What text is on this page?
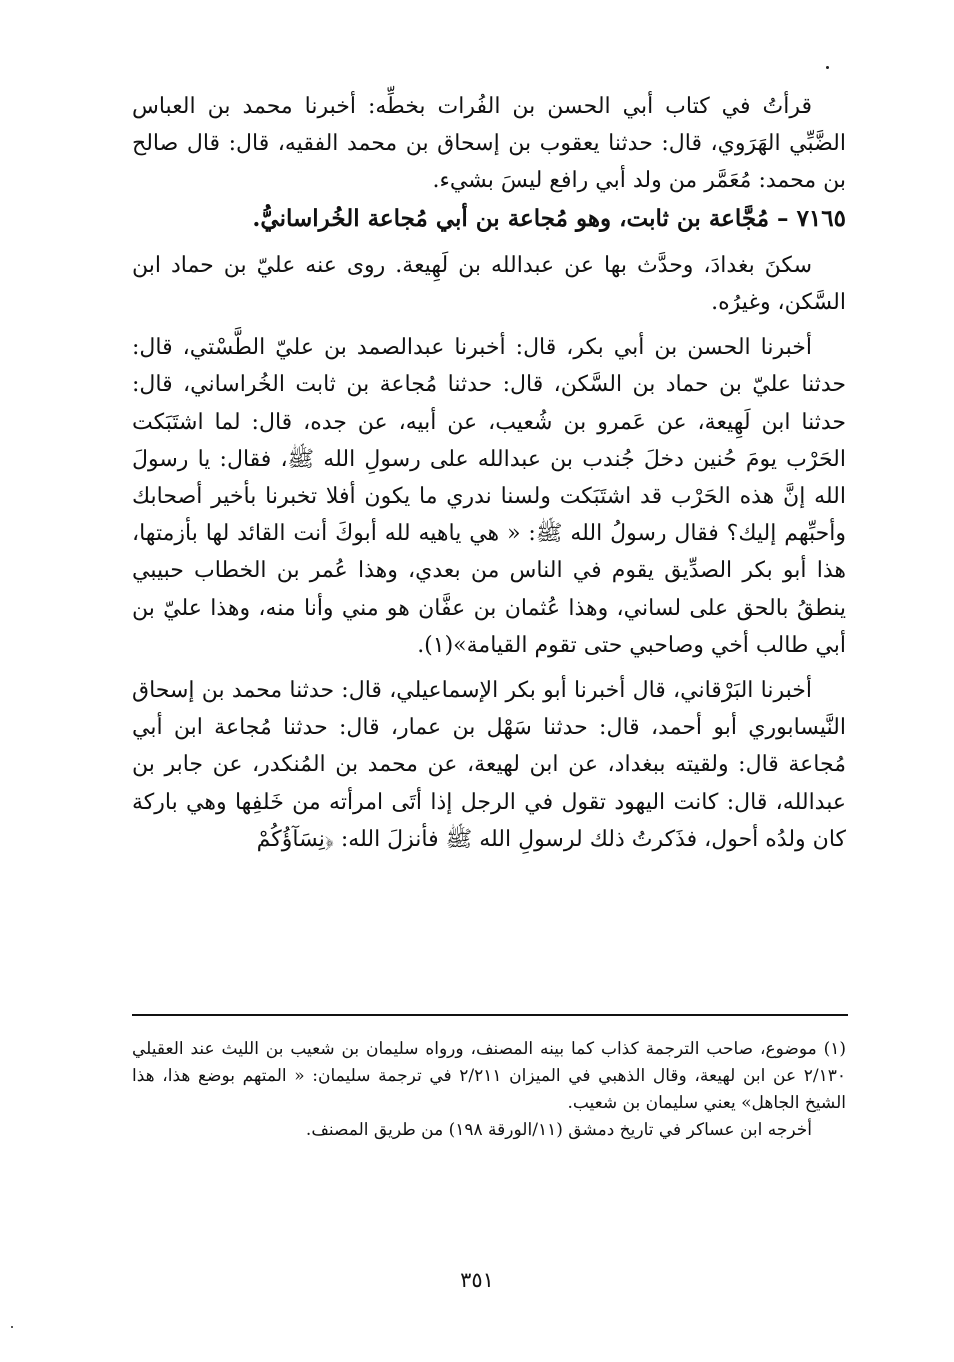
قرأتُ في كتاب أبي الحسن بن الفُرات بخطِّه: أخبرنا محمد بن العباس الضَّبِّي الهَرَوي، قال: حدثنا يعقوب بن إسحاق بن محمد الفقيه، قال: قال صالح بن محمد: مُعَمَّر من ولد أبي رافع ليسَ بشيء.

٧١٦٥ – مُجَّاعة بن ثابت، وهو مُجاعة بن أبي مُجاعة الخُراسانيُّ.

سكنَ بغدادَ، وحدَّث بها عن عبدالله بن لَهِيعة. روى عنه عليّ بن حماد ابن السَّكن، وغيرُه.

أخبرنا الحسن بن أبي بكر، قال: أخبرنا عبدالصمد بن عليّ الطَّسْتي، قال: حدثنا عليّ بن حماد بن السَّكن، قال: حدثنا مُجاعة بن ثابت الخُراساني، قال: حدثنا ابن لَهِيعة، عن عَمرو بن شُعيب، عن أبيه، عن جده، قال: لما اشتَبَكت الحَرْب يومَ حُنين دخلَ جُندب بن عبدالله على رسولِ الله ﷺ، فقال: يا رسولَ الله إنَّ هذه الحَرْب قد اشتَبَكت ولسنا ندري ما يكون أفلا تخبرنا بأخير أصحابك وأحبِّهم إليك؟ فقال رسولُ الله ﷺ: « هي ياهيه لله أبوكَ أنت القائد لها بأزمتها، هذا أبو بكر الصدِّيق يقوم في الناس من بعدي، وهذا عُمر بن الخطاب حبيبي ينطقُ بالحق على لساني، وهذا عُثمان بن عفَّان هو مني وأنا منه، وهذا عليّ بن أبي طالب أخي وصاحبي حتى تقوم القيامة»(١).

أخبرنا البَرْقاني، قال أخبرنا أبو بكر الإسماعيلي، قال: حدثنا محمد بن إسحاق النَّيسابوري أبو أحمد، قال: حدثنا سَهْل بن عمار، قال: حدثنا مُجاعة ابن أبي مُجاعة قال: ولقيته ببغداد، عن ابن لهيعة، عن محمد بن المُنكدر، عن جابر بن عبدالله، قال: كانت اليهود تقول في الرجل إذا أتَى امرأته من خَلفِها وهي باركة كان ولدُه أحول، فذَكرتُ ذلك لرسولِ الله ﷺ فأنزلَ الله: ﴿نِسَآؤُكُمْ

(١) موضوع، صاحب الترجمة كذاب كما بينه المصنف، ورواه سليمان بن شعيب بن الليث عند العقيلي ٢/١٣٠ عن ابن لهيعة، وقال الذهبي في الميزان ٢/٢١١ في ترجمة سليمان: « المتهم بوضع هذا، هذا الشيخ الجاهل» يعني سليمان بن شعيب.

أخرجه ابن عساكر في تاريخ دمشق (١١/الورقة ١٩٨) من طريق المصنف.

٣٥١
